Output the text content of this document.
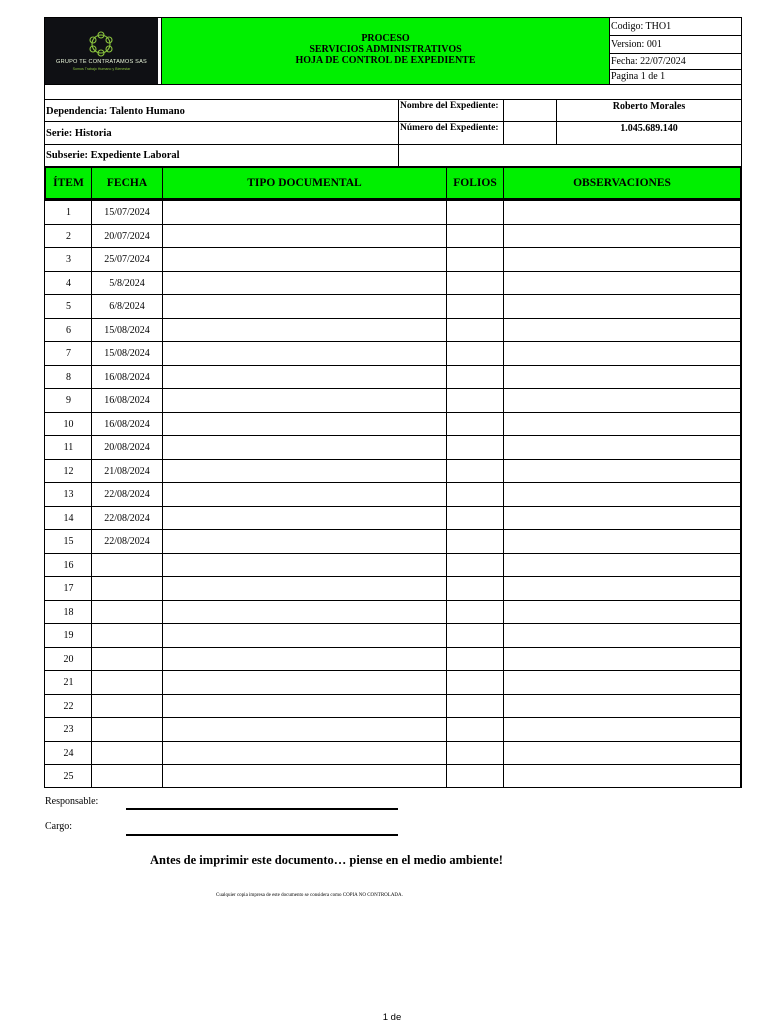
GRUPO TE CONTRATAMOS SAS
Somos Trabajo Humano y Bienestar
PROCESO
SERVICIOS ADMINISTRATIVOS
HOJA DE CONTROL DE EXPEDIENTE
Codigo: THO1
Version: 001
Fecha: 22/07/2024
Pagina 1 de 1
Dependencia: Talento Humano
Serie: Historia
Subserie: Expediente Laboral
Nombre del Expediente:	Roberto Morales
Número del Expediente:	1.045.689.140
ÍTEM	FECHA	TIPO DOCUMENTAL	FOLIOS	OBSERVACIONES
1	15/07/2024
2	20/07/2024
3	25/07/2024
4	5/8/2024
5	6/8/2024
6	15/08/2024
7	15/08/2024
8	16/08/2024
9	16/08/2024
10	16/08/2024
11	20/08/2024
12	21/08/2024
13	22/08/2024
14	22/08/2024
15	22/08/2024
16
17
18
19
20
21
22
23
24
25
Responsable:
Cargo:
Antes de imprimir este documento… piense en el medio ambiente!
Cualquier copia impresa de este documento se considera como COPIA NO CONTROLADA.
1 de
